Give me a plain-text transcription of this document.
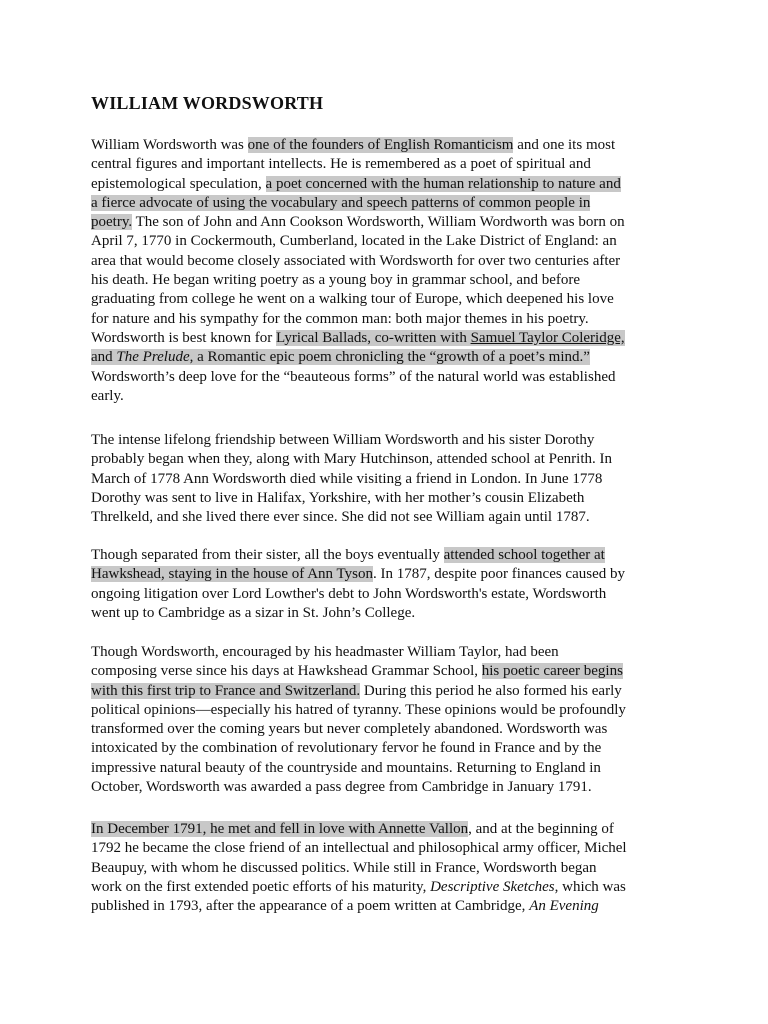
WILLIAM WORDSWORTH
William Wordsworth was one of the founders of English Romanticism and one its most
central figures and important intellects. He is remembered as a poet of spiritual and
epistemological speculation, a poet concerned with the human relationship to nature and
a fierce advocate of using the vocabulary and speech patterns of common people in
poetry. The son of John and Ann Cookson Wordsworth, William Wordworth was born on
April 7, 1770 in Cockermouth, Cumberland, located in the Lake District of England: an
area that would become closely associated with Wordsworth for over two centuries after
his death. He began writing poetry as a young boy in grammar school, and before
graduating from college he went on a walking tour of Europe, which deepened his love
for nature and his sympathy for the common man: both major themes in his poetry.
Wordsworth is best known for Lyrical Ballads, co-written with Samuel Taylor Coleridge,
and The Prelude, a Romantic epic poem chronicling the “growth of a poet’s mind.”
Wordsworth’s deep love for the “beauteous forms” of the natural world was established
early.
The intense lifelong friendship between William Wordsworth and his sister Dorothy
probably began when they, along with Mary Hutchinson, attended school at Penrith. In
March of 1778 Ann Wordsworth died while visiting a friend in London. In June 1778
Dorothy was sent to live in Halifax, Yorkshire, with her mother’s cousin Elizabeth
Threlkeld, and she lived there ever since. She did not see William again until 1787.
Though separated from their sister, all the boys eventually attended school together at
Hawkshead, staying in the house of Ann Tyson. In 1787, despite poor finances caused by
ongoing litigation over Lord Lowther's debt to John Wordsworth's estate, Wordsworth
went up to Cambridge as a sizar in St. John’s College.
Though Wordsworth, encouraged by his headmaster William Taylor, had been
composing verse since his days at Hawkshead Grammar School, his poetic career begins
with this first trip to France and Switzerland. During this period he also formed his early
political opinions—especially his hatred of tyranny. These opinions would be profoundly
transformed over the coming years but never completely abandoned. Wordsworth was
intoxicated by the combination of revolutionary fervor he found in France and by the
impressive natural beauty of the countryside and mountains. Returning to England in
October, Wordsworth was awarded a pass degree from Cambridge in January 1791.
In December 1791, he met and fell in love with Annette Vallon, and at the beginning of
1792 he became the close friend of an intellectual and philosophical army officer, Michel
Beaupuy, with whom he discussed politics. While still in France, Wordsworth began
work on the first extended poetic efforts of his maturity, Descriptive Sketches, which was
published in 1793, after the appearance of a poem written at Cambridge, An Evening
